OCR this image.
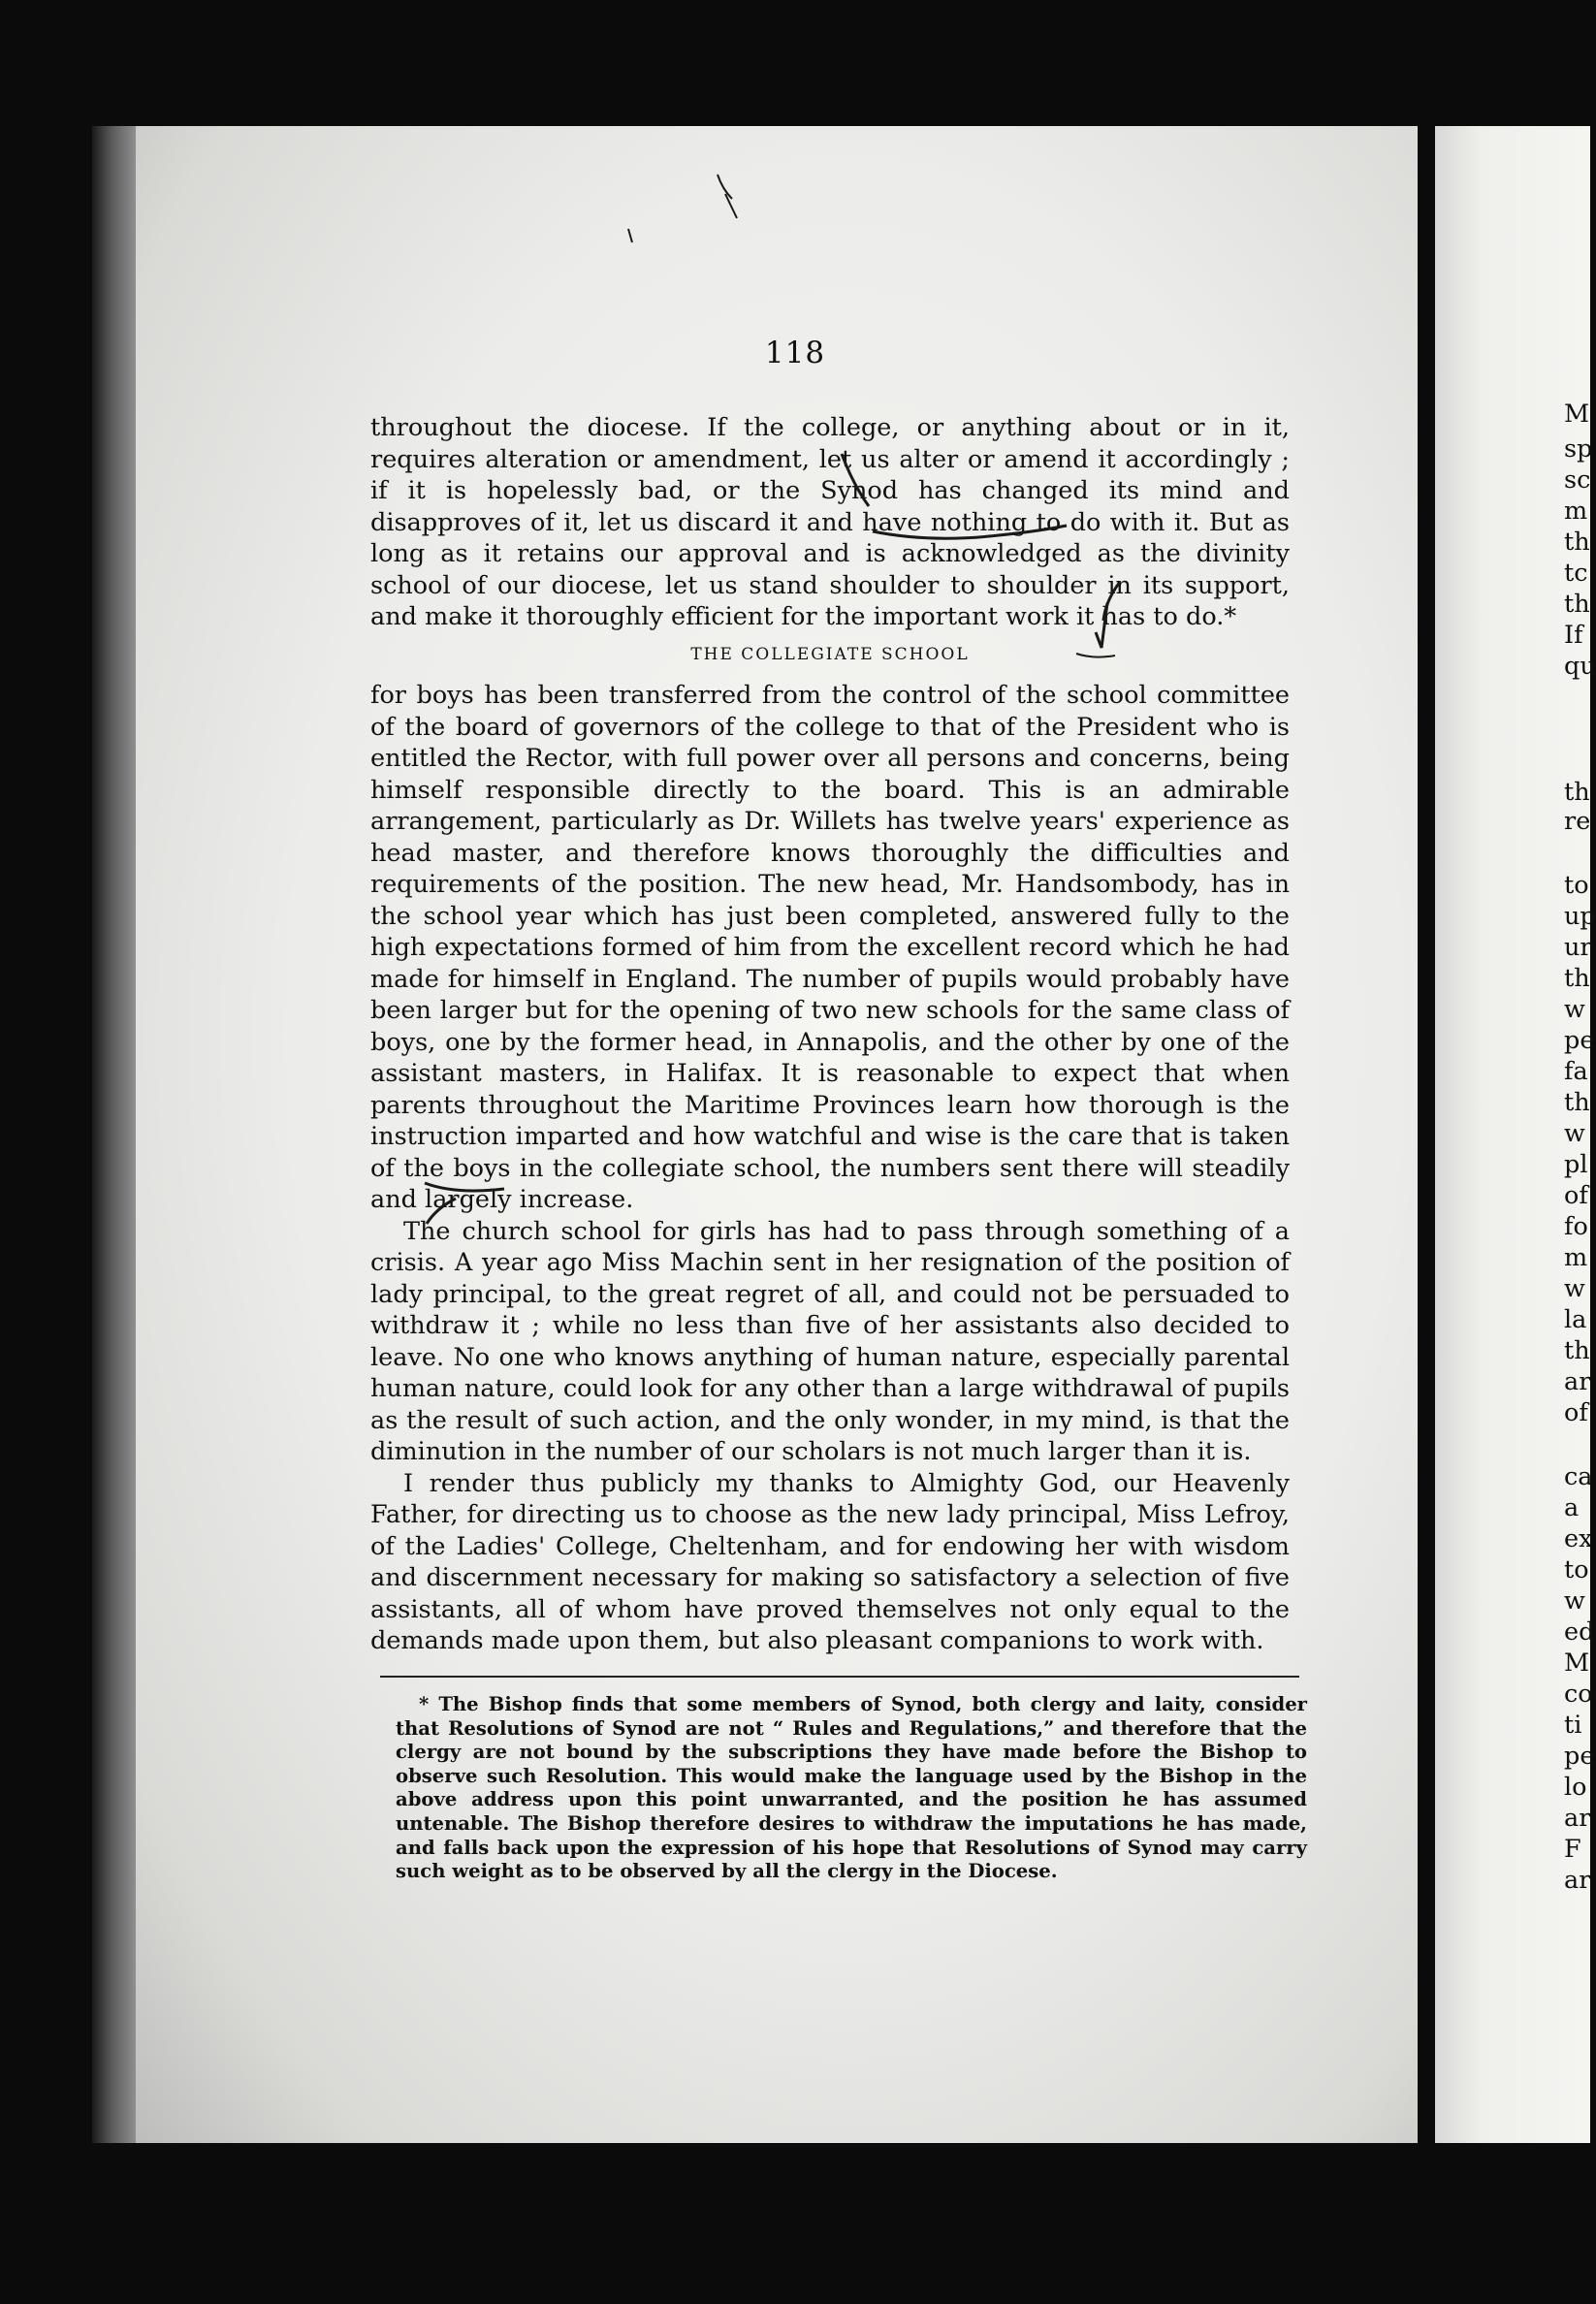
118

throughout the diocese. If the college, or anything about or in it, requires alteration or amendment, let us alter or amend it accordingly ; if it is hopelessly bad, or the Synod has changed its mind and disapproves of it, let us discard it and have nothing to do with it. But as long as it retains our approval and is acknowledged as the divinity school of our diocese, let us stand shoulder to shoulder in its support, and make it thoroughly efficient for the important work it has to do.*

THE COLLEGIATE SCHOOL

for boys has been transferred from the control of the school committee of the board of governors of the college to that of the President who is entitled the Rector, with full power over all persons and concerns, being himself responsible directly to the board. This is an admirable arrangement, particularly as Dr. Willets has twelve years' experience as head master, and therefore knows thoroughly the difficulties and requirements of the position. The new head, Mr. Handsombody, has in the school year which has just been completed, answered fully to the high expectations formed of him from the excellent record which he had made for himself in England. The number of pupils would probably have been larger but for the opening of two new schools for the same class of boys, one by the former head, in Annapolis, and the other by one of the assistant masters, in Halifax. It is reasonable to expect that when parents throughout the Maritime Provinces learn how thorough is the instruction imparted and how watchful and wise is the care that is taken of the boys in the collegiate school, the numbers sent there will steadily and largely increase.

The church school for girls has had to pass through something of a crisis. A year ago Miss Machin sent in her resignation of the position of lady principal, to the great regret of all, and could not be persuaded to withdraw it ; while no less than five of her assistants also decided to leave. No one who knows anything of human nature, especially parental human nature, could look for any other than a large withdrawal of pupils as the result of such action, and the only wonder, in my mind, is that the diminution in the number of our scholars is not much larger than it is.

I render thus publicly my thanks to Almighty God, our Heavenly Father, for directing us to choose as the new lady principal, Miss Lefroy, of the Ladies' College, Cheltenham, and for endowing her with wisdom and discernment necessary for making so satisfactory a selection of five assistants, all of whom have proved themselves not only equal to the demands made upon them, but also pleasant companions to work with.

* The Bishop finds that some members of Synod, both clergy and laity, consider that Resolutions of Synod are not “ Rules and Regulations,” and therefore that the clergy are not bound by the subscriptions they have made before the Bishop to observe such Resolution. This would make the language used by the Bishop in the above address upon this point unwarranted, and the position he has assumed untenable. The Bishop therefore desires to withdraw the imputations he has made, and falls back upon the expression of his hope that Resolutions of Synod may carry such weight as to be observed by all the clergy in the Diocese.

M
sp
sc
m
th
tc
th
If
qu
th
re
to
up
ur
th
w
pe
fa
th
w
pl
of
fo
m
w
la
th
ar
of
ca
a
ex
to
w
ed
M
co
ti
pe
lo
ar
F
ar
